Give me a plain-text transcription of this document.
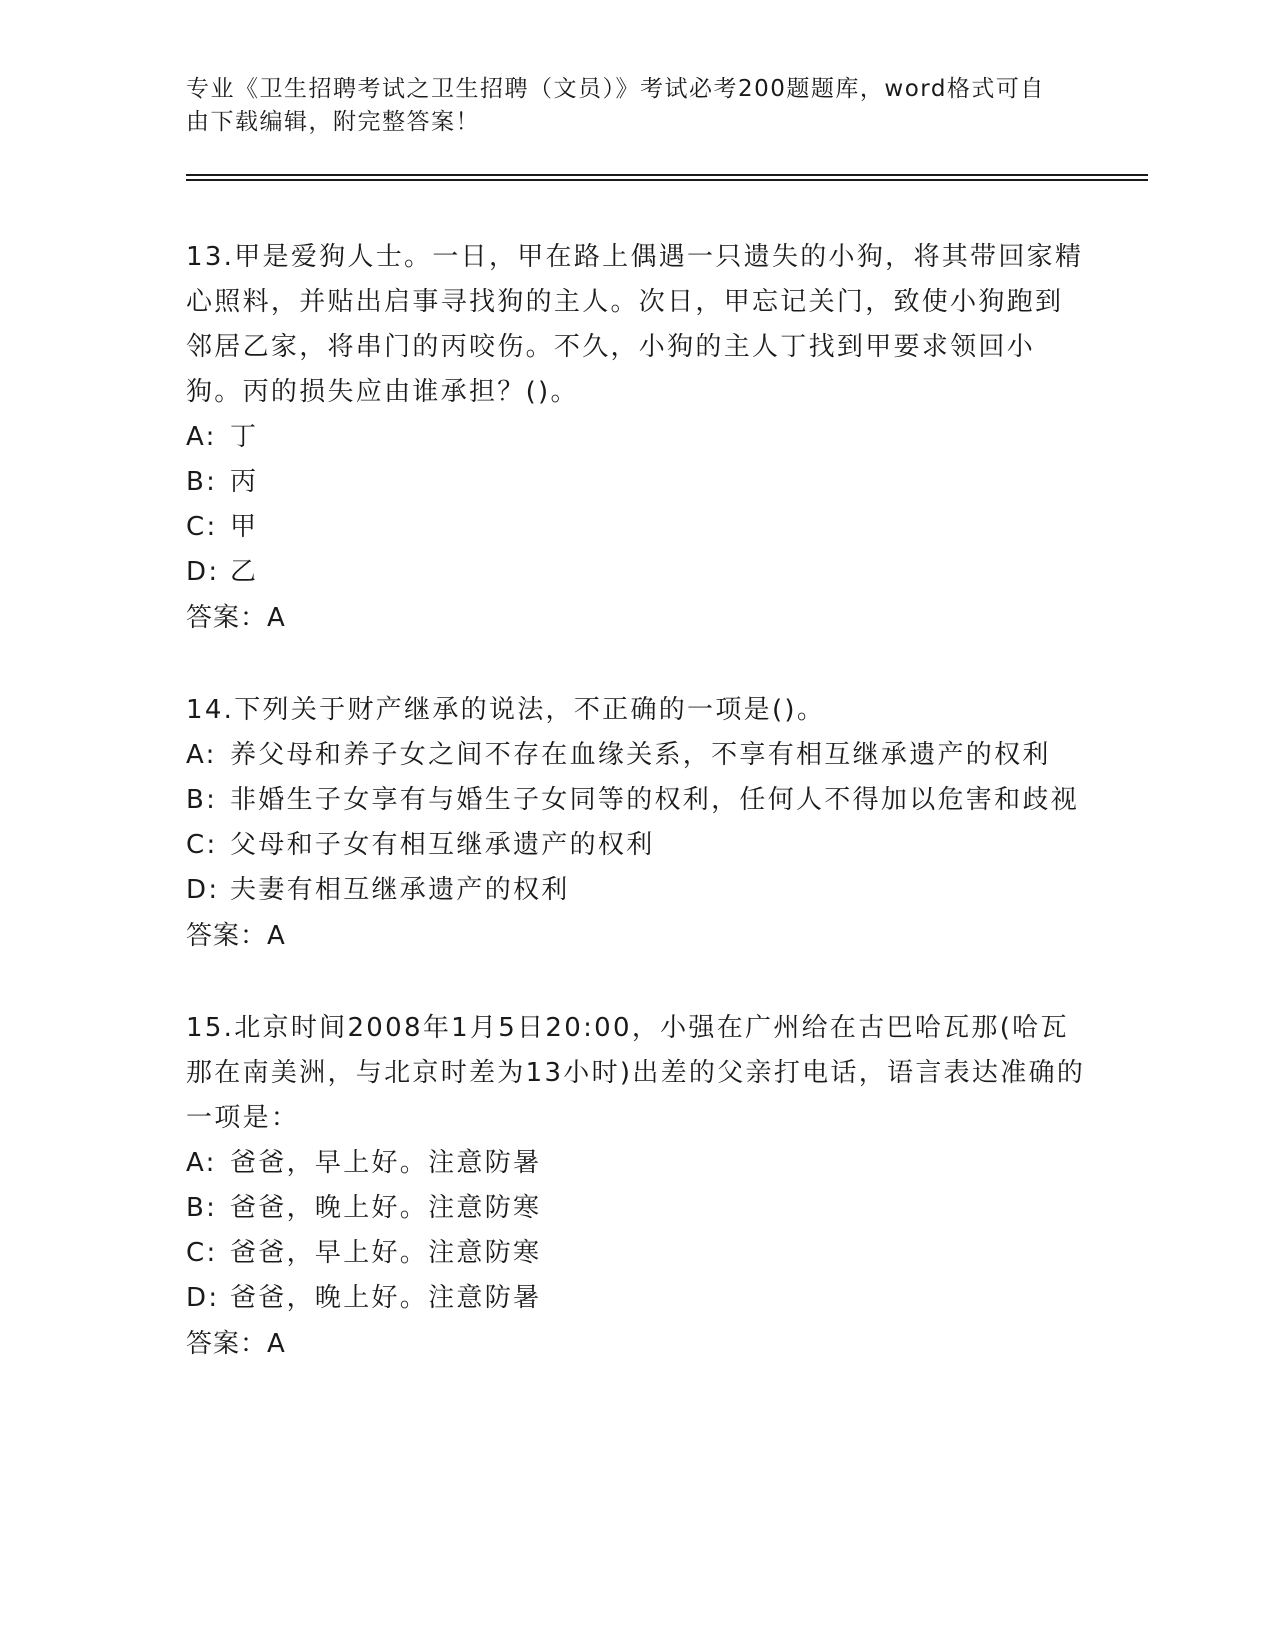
专业《卫生招聘考试之卫生招聘（文员）》考试必考200题题库，word格式可自由下载编辑，附完整答案！
13.甲是爱狗人士。一日，甲在路上偶遇一只遗失的小狗，将其带回家精心照料，并贴出启事寻找狗的主人。次日，甲忘记关门，致使小狗跑到邻居乙家，将串门的丙咬伤。不久，小狗的主人丁找到甲要求领回小狗。丙的损失应由谁承担？()。
A: 丁
B: 丙
C: 甲
D: 乙
答案：A
14.下列关于财产继承的说法，不正确的一项是()。
A: 养父母和养子女之间不存在血缘关系，不享有相互继承遗产的权利
B: 非婚生子女享有与婚生子女同等的权利，任何人不得加以危害和歧视
C: 父母和子女有相互继承遗产的权利
D: 夫妻有相互继承遗产的权利
答案：A
15.北京时间2008年1月5日20:00，小强在广州给在古巴哈瓦那(哈瓦那在南美洲，与北京时差为13小时)出差的父亲打电话，语言表达准确的一项是：
A: 爸爸，早上好。注意防暑
B: 爸爸，晚上好。注意防寒
C: 爸爸，早上好。注意防寒
D: 爸爸，晚上好。注意防暑
答案：A
